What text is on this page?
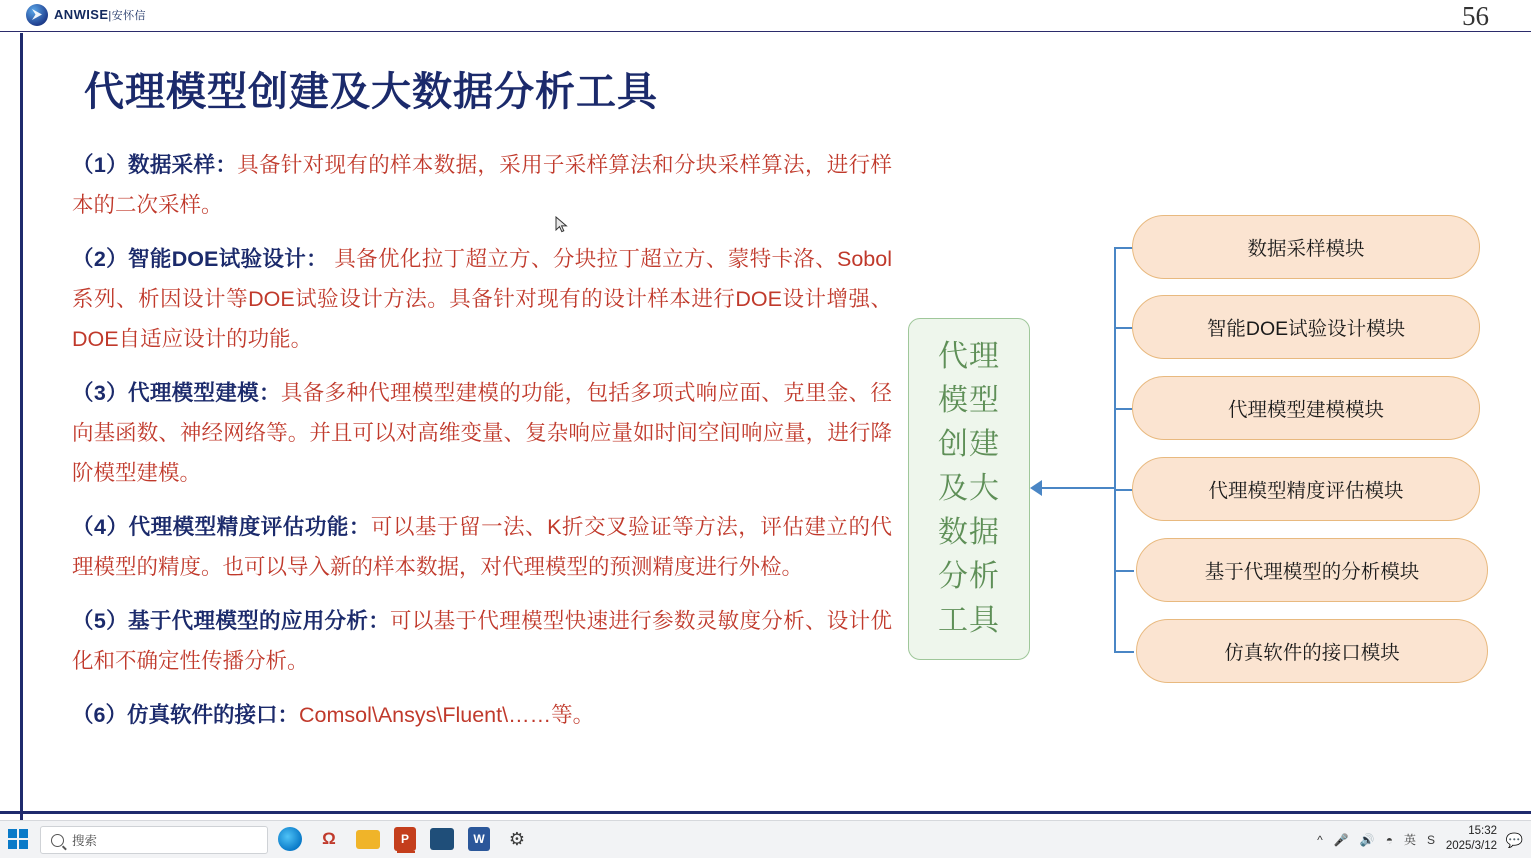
ANWISE|安怀信	56
代理模型创建及大数据分析工具
（1）数据采样：具备针对现有的样本数据，采用子采样算法和分块采样算法，进行样本的二次采样。
（2）智能DOE试验设计： 具备优化拉丁超立方、分块拉丁超立方、蒙特卡洛、Sobol系列、析因设计等DOE试验设计方法。具备针对现有的设计样本进行DOE设计增强、DOE自适应设计的功能。
（3）代理模型建模：具备多种代理模型建模的功能，包括多项式响应面、克里金、径向基函数、神经网络等。并且可以对高维变量、复杂响应量如时间空间响应量，进行降阶模型建模。
（4）代理模型精度评估功能：可以基于留一法、K折交叉验证等方法，评估建立的代理模型的精度。也可以导入新的样本数据，对代理模型的预测精度进行外检。
（5）基于代理模型的应用分析：可以基于代理模型快速进行参数灵敏度分析、设计优化和不确定性传播分析。
（6）仿真软件的接口：Comsol\Ansys\Fluent\……等。
代理模型创建及大数据分析工具
数据采样模块
智能DOE试验设计模块
代理模型建模模块
代理模型精度评估模块
基于代理模型的分析模块
仿真软件的接口模块
搜索	Ω	P	W ⚙	^ 🎤 🔊 ◓ 英 S
15:32
2025/3/12 💬
